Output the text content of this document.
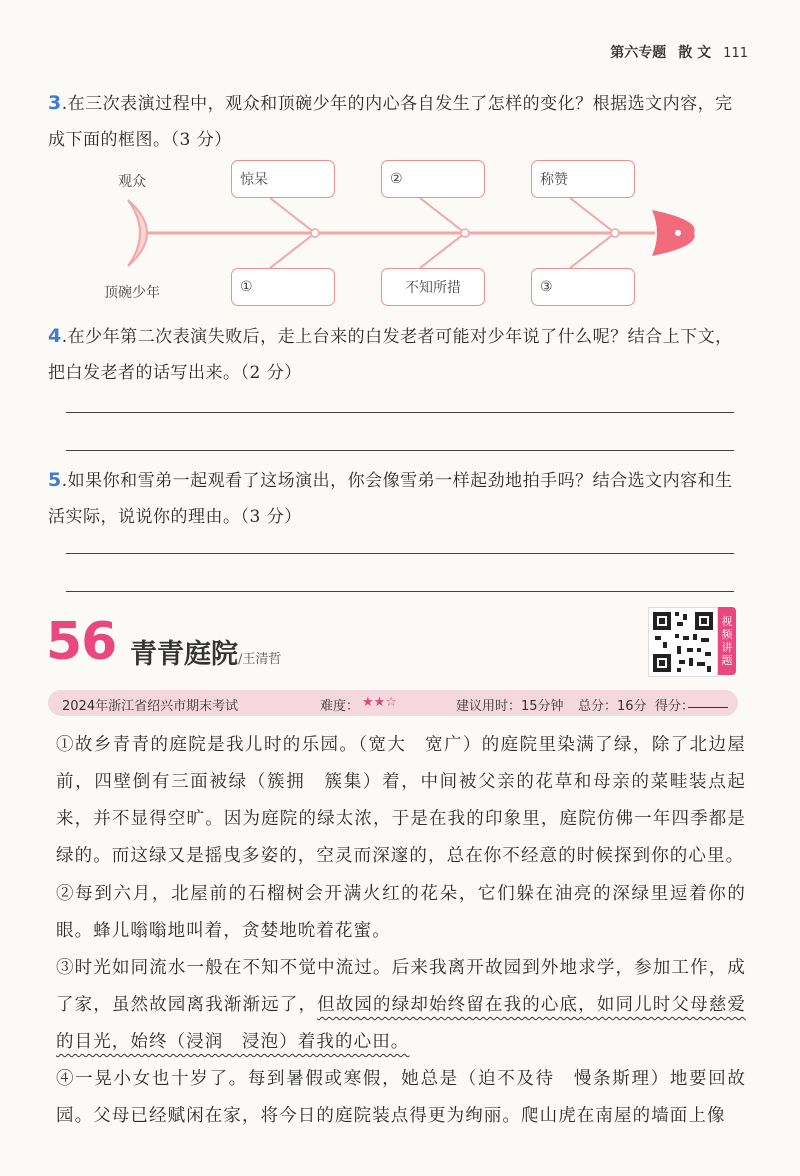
第六专题 散 文 111
3.在三次表演过程中，观众和顶碗少年的内心各自发生了怎样的变化？根据选文内容，完成下面的框图。（3 分）
观众
顶碗少年
惊呆	②	称赞
①	不知所措	③
4.在少年第二次表演失败后，走上台来的白发老者可能对少年说了什么呢？结合上下文，把白发老者的话写出来。（2 分）
5.如果你和雪弟一起观看了这场演出，你会像雪弟一样起劲地拍手吗？结合选文内容和生活实际，说说你的理由。（3 分）
56 青青庭院 /王清哲
视
频
讲
题
2024年浙江省绍兴市期末考试	难度： ★★☆	建议用时：15分钟 总分：16分 得分：
①故乡青青的庭院是我儿时的乐园。（宽大　宽广）的庭院里染满了绿，除了北边屋前，四壁倒有三面被绿（簇拥　簇集）着，中间被父亲的花草和母亲的菜畦装点起来，并不显得空旷。因为庭院的绿太浓，于是在我的印象里，庭院仿佛一年四季都是绿的。而这绿又是摇曳多姿的，空灵而深邃的，总在你不经意的时候探到你的心里。
②每到六月，北屋前的石榴树会开满火红的花朵，它们躲在油亮的深绿里逗着你的眼。蜂儿嗡嗡地叫着，贪婪地吮着花蜜。
③时光如同流水一般在不知不觉中流过。后来我离开故园到外地求学，参加工作，成了家，虽然故园离我渐渐远了，但故园的绿却始终留在我的心底，如同儿时父母慈爱的目光，始终（浸润　浸泡）着我的心田。
④一晃小女也十岁了。每到暑假或寒假，她总是（迫不及待　慢条斯理）地要回故园。父母已经赋闲在家，将今日的庭院装点得更为绚丽。爬山虎在南屋的墙面上像
